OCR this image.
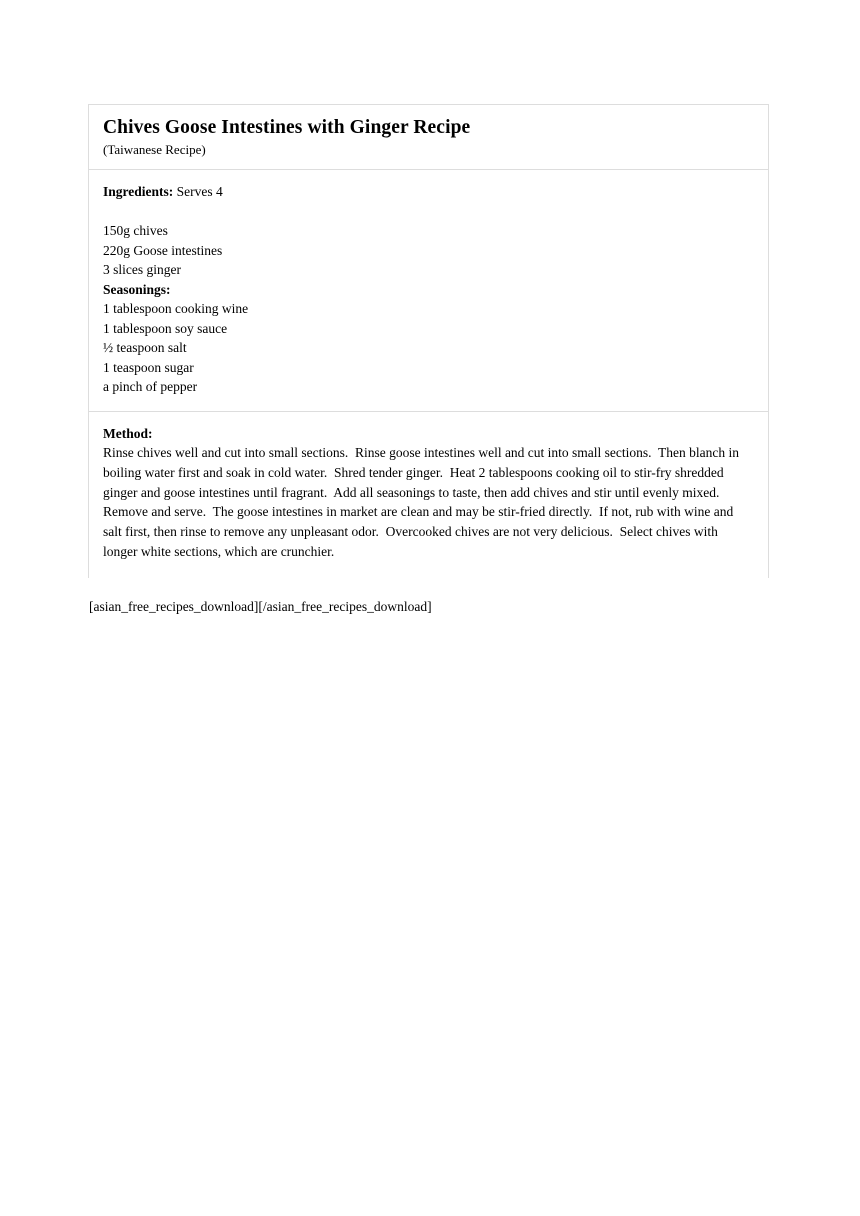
Chives Goose Intestines with Ginger Recipe
(Taiwanese Recipe)
Ingredients: Serves 4
150g chives
220g Goose intestines
3 slices ginger
Seasonings:
1 tablespoon cooking wine
1 tablespoon soy sauce
½ teaspoon salt
1 teaspoon sugar
a pinch of pepper
Method:

Rinse chives well and cut into small sections.  Rinse goose intestines well and cut into small sections.  Then blanch in boiling water first and soak in cold water.  Shred tender ginger.  Heat 2 tablespoons cooking oil to stir-fry shredded ginger and goose intestines until fragrant.  Add all seasonings to taste, then add chives and stir until evenly mixed.  Remove and serve.  The goose intestines in market are clean and may be stir-fried directly.  If not, rub with wine and salt first, then rinse to remove any unpleasant odor.  Overcooked chives are not very delicious.  Select chives with longer white sections, which are crunchier.

[asian_free_recipes_download][/asian_free_recipes_download]
